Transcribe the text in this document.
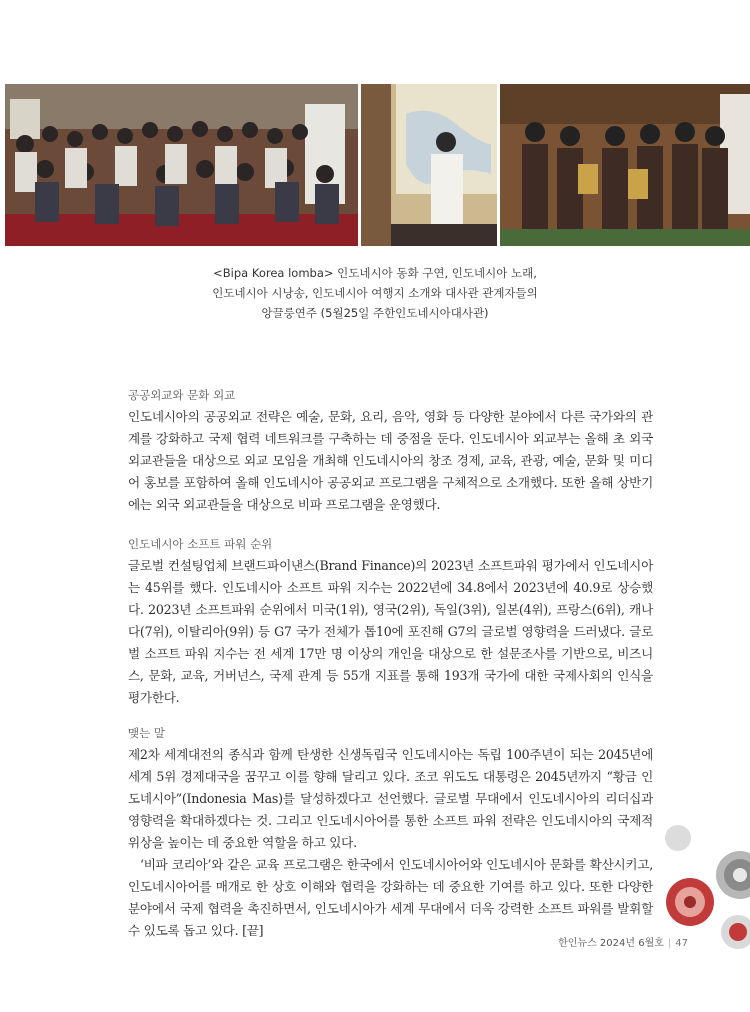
<Bipa Korea lomba> 인도네시아 동화 구연, 인도네시아 노래,

인도네시아 시낭송, 인도네시아 여행지 소개와 대사관 관계자들의

앙끌룽연주 (5월25일 주한인도네시아대사관)

공공외교와 문화 외교

인도네시아의 공공외교 전략은 예술, 문화, 요리, 음악, 영화 등 다양한 분야에서 다른 국가와의 관계를 강화하고 국제 협력 네트워크를 구축하는 데 중점을 둔다. 인도네시아 외교부는 올해 초 외국 외교관들을 대상으로 외교 모임을 개최해 인도네시아의 창조 경제, 교육, 관광, 예술, 문화 및 미디어 홍보를 포함하여 올해 인도네시아 공공외교 프로그램을 구체적으로 소개했다. 또한 올해 상반기에는 외국 외교관들을 대상으로 비파 프로그램을 운영했다.

인도네시아 소프트 파워 순위

글로벌 컨설팅업체 브랜드파이낸스(Brand Finance)의 2023년 소프트파워 평가에서 인도네시아는 45위를 했다. 인도네시아 소프트 파워 지수는 2022년에 34.8에서 2023년에 40.9로 상승했다. 2023년 소프트파워 순위에서 미국(1위), 영국(2위), 독일(3위), 일본(4위), 프랑스(6위), 캐나다(7위), 이탈리아(9위) 등 G7 국가 전체가 톱10에 포진해 G7의 글로벌 영향력을 드러냈다. 글로벌 소프트 파워 지수는 전 세계 17만 명 이상의 개인을 대상으로 한 설문조사를 기반으로, 비즈니스, 문화, 교육, 거버넌스, 국제 관계 등 55개 지표를 통해 193개 국가에 대한 국제사회의 인식을 평가한다.

맺는 말

제2차 세계대전의 종식과 함께 탄생한 신생독립국 인도네시아는 독립 100주년이 되는 2045년에 세계 5위 경제대국을 꿈꾸고 이를 향해 달리고 있다. 조코 위도도 대통령은 2045년까지 “황금 인도네시아”(Indonesia Mas)를 달성하겠다고 선언했다. 글로벌 무대에서 인도네시아의 리더십과 영향력을 확대하겠다는 것. 그리고 인도네시아어를 통한 소프트 파워 전략은 인도네시아의 국제적 위상을 높이는 데 중요한 역할을 하고 있다.

‘비파 코리아’와 같은 교육 프로그램은 한국에서 인도네시아어와 인도네시아 문화를 확산시키고, 인도네시아어를 매개로 한 상호 이해와 협력을 강화하는 데 중요한 기여를 하고 있다. 또한 다양한 분야에서 국제 협력을 촉진하면서, 인도네시아가 세계 무대에서 더욱 강력한 소프트 파워를 발휘할 수 있도록 돕고 있다. [끝]

한인뉴스 2024년 6월호 | 47
